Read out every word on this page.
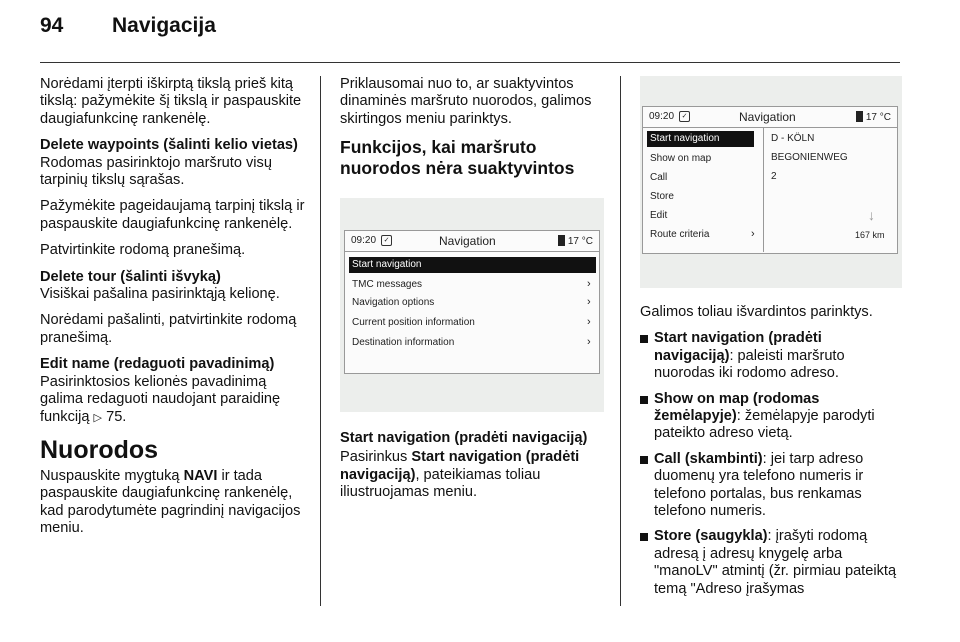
94 Navigacija

Norėdami įterpti iškirptą tikslą prieš kitą tikslą: pažymėkite šį tikslą ir paspauskite daugiafunkcinę rankenėlę.

Delete waypoints (šalinti kelio vietas)
Rodomas pasirinktojo maršruto visų tarpinių tikslų sąrašas.

Pažymėkite pageidaujamą tarpinį tikslą ir paspauskite daugiafunkcinę rankenėlę.

Patvirtinkite rodomą pranešimą.

Delete tour (šalinti išvyką)
Visiškai pašalina pasirinktąją kelionę.

Norėdami pašalinti, patvirtinkite rodomą pranešimą.

Edit name (redaguoti pavadinimą)
Pasirinktosios kelionės pavadinimą galima redaguoti naudojant paraidinę funkciją ▷ 75.

Nuorodos

Nuspauskite mygtuką NAVI ir tada paspauskite daugiafunkcinę rankenėlę, kad parodytumėte pagrindinį navigacijos meniu.

Priklausomai nuo to, ar suaktyvintos dinaminės maršruto nuorodos, galimos skirtingos meniu parinktys.

Funkcijos, kai maršruto nuorodos nėra suaktyvintos
09:20	✓	Navigation	17 °C
Start navigation
TMC messages
Navigation options
Current position information
Destination information
›
›
›
›

Start navigation (pradėti navigaciją)

Pasirinkus Start navigation (pradėti navigaciją), pateikiamas toliau iliustruojamas meniu.

09:20	✓	Navigation	17 °C
Start navigation
Show on map
Call
Store
Edit
Route criteria	›
D - KÖLN
BEGONIENWEG
2
↓
167 km

Galimos toliau išvardintos parinktys.

Start navigation (pradėti navigaciją): paleisti maršruto nuorodas iki rodomo adreso.
Show on map (rodomas žemėlapyje): žemėlapyje parodyti pateikto adreso vietą.
Call (skambinti): jei tarp adreso duomenų yra telefono numeris ir telefono portalas, bus renkamas telefono numeris.
Store (saugykla): įrašyti rodomą adresą į adresų knygelę arba "manoLV" atmintį (žr. pirmiau pateiktą temą "Adreso įrašymas
